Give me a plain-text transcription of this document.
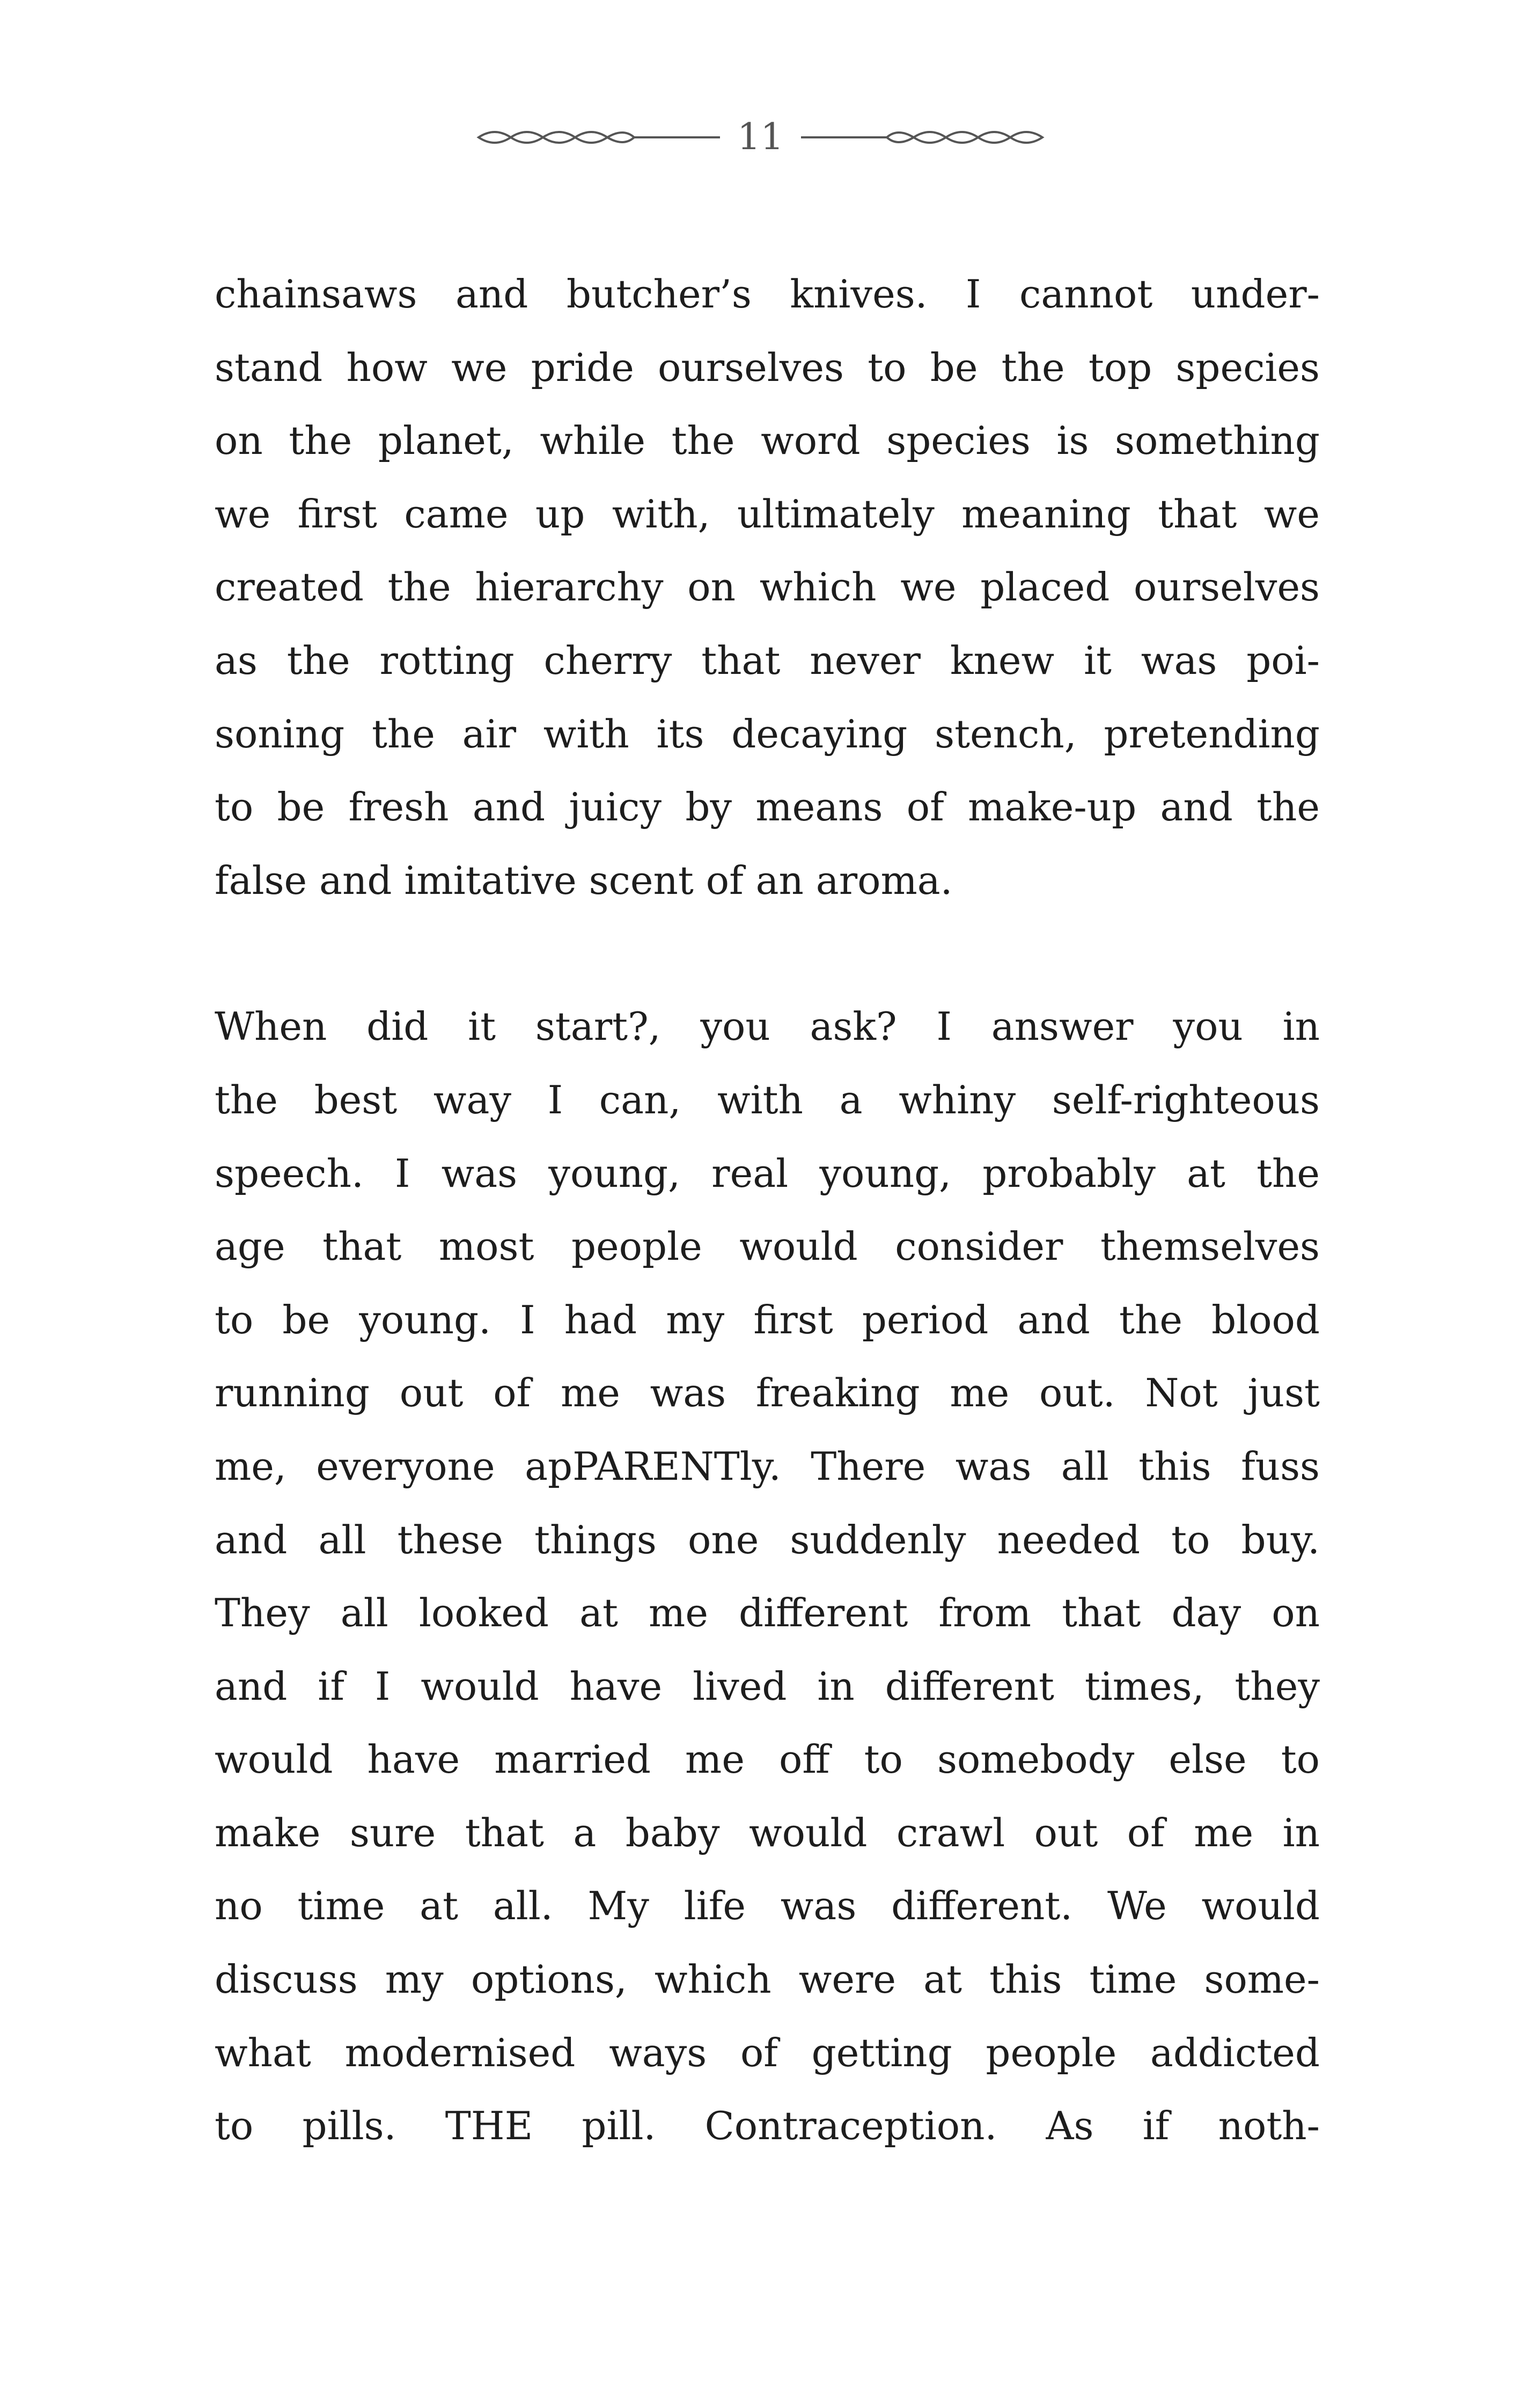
11

chainsaws and butcher’s knives. I cannot under-
stand how we pride ourselves to be the top species
on the planet, while the word species is something
we first came up with, ultimately meaning that we
created the hierarchy on which we placed ourselves
as the rotting cherry that never knew it was poi-
soning the air with its decaying stench, pretending
to be fresh and juicy by means of make-up and the
false and imitative scent of an aroma.

When did it start?, you ask? I answer you in
the best way I can, with a whiny self-righteous
speech. I was young, real young, probably at the
age that most people would consider themselves
to be young. I had my first period and the blood
running out of me was freaking me out. Not just
me, everyone apPARENTly. There was all this fuss
and all these things one suddenly needed to buy.
They all looked at me different from that day on
and if I would have lived in different times, they
would have married me off to somebody else to
make sure that a baby would crawl out of me in
no time at all. My life was different. We would
discuss my options, which were at this time some-
what modernised ways of getting people addicted
to pills. THE pill. Contraception. As if noth-
